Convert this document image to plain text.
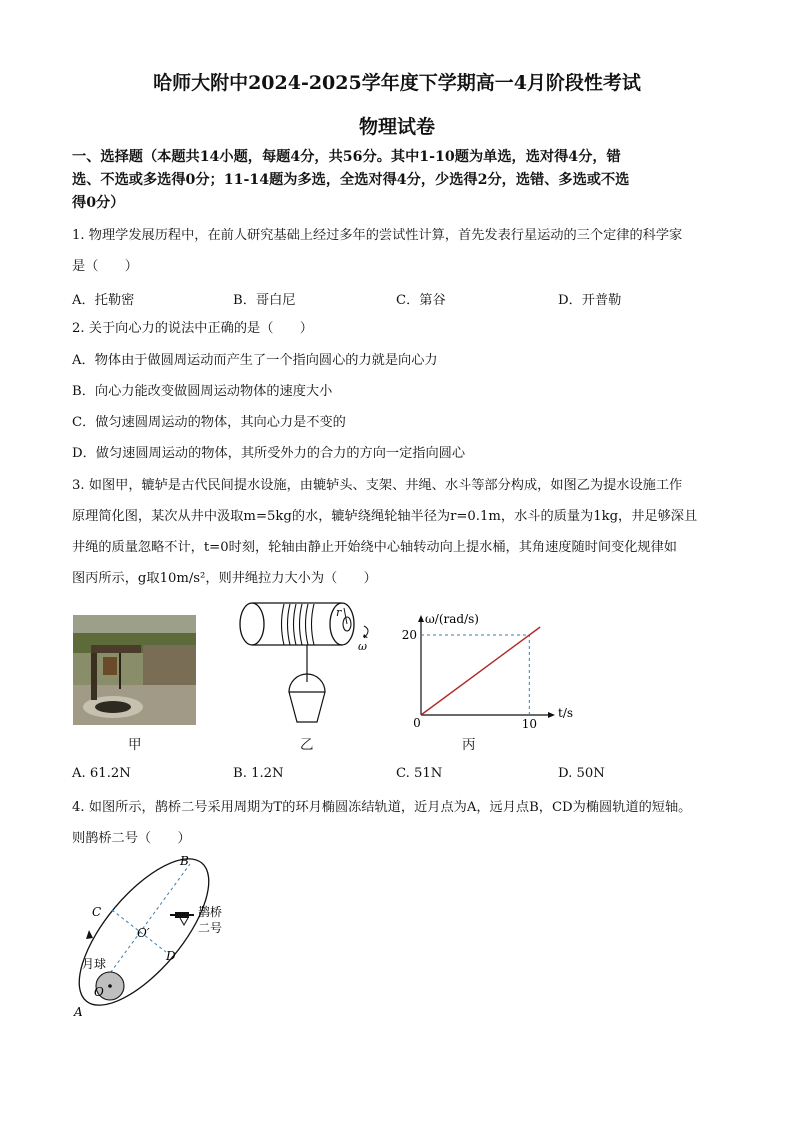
哈师大附中2024-2025学年度下学期高一4月阶段性考试
物理试卷
一、选择题（本题共14小题，每题4分，共56分。其中1-10题为单选，选对得4分，错
选、不选或多选得0分；11-14题为多选，全选对得4分，少选得2分，选错、多选或不选
得0分）

1. 物理学发展历程中，在前人研究基础上经过多年的尝试性计算，首先发表行星运动的三个定律的科学家

是（　　）

A．托勒密	B．哥白尼	C．第谷	D．开普勒

2. 关于向心力的说法中正确的是（　　）

A．物体由于做圆周运动而产生了一个指向圆心的力就是向心力

B．向心力能改变做圆周运动物体的速度大小

C．做匀速圆周运动的物体，其向心力是不变的

D．做匀速圆周运动的物体，其所受外力的合力的方向一定指向圆心

3. 如图甲，辘轳是古代民间提水设施，由辘轳头、支架、井绳、水斗等部分构成，如图乙为提水设施工作

原理简化图，某次从井中汲取m=5kg的水，辘轳绕绳轮轴半径为r=0.1m，水斗的质量为1kg，井足够深且

井绳的质量忽略不计，t=0时刻，轮轴由静止开始绕中心轴转动向上提水桶，其角速度随时间变化规律如

图丙所示，g取10m/s²，则井绳拉力大小为（　　）

甲
r
ω
乙
ω/(rad/s)
t/s
0	10
20
丙
A. 61.2N	B. 1.2N	C. 51N	D. 50N

4. 如图所示，鹊桥二号采用周期为T的环月椭圆冻结轨道，近月点为A，远月点B，CD为椭圆轨道的短轴。

则鹊桥二号（　　）

B
C
O′
D
月球
O
A
鹊桥
二号
